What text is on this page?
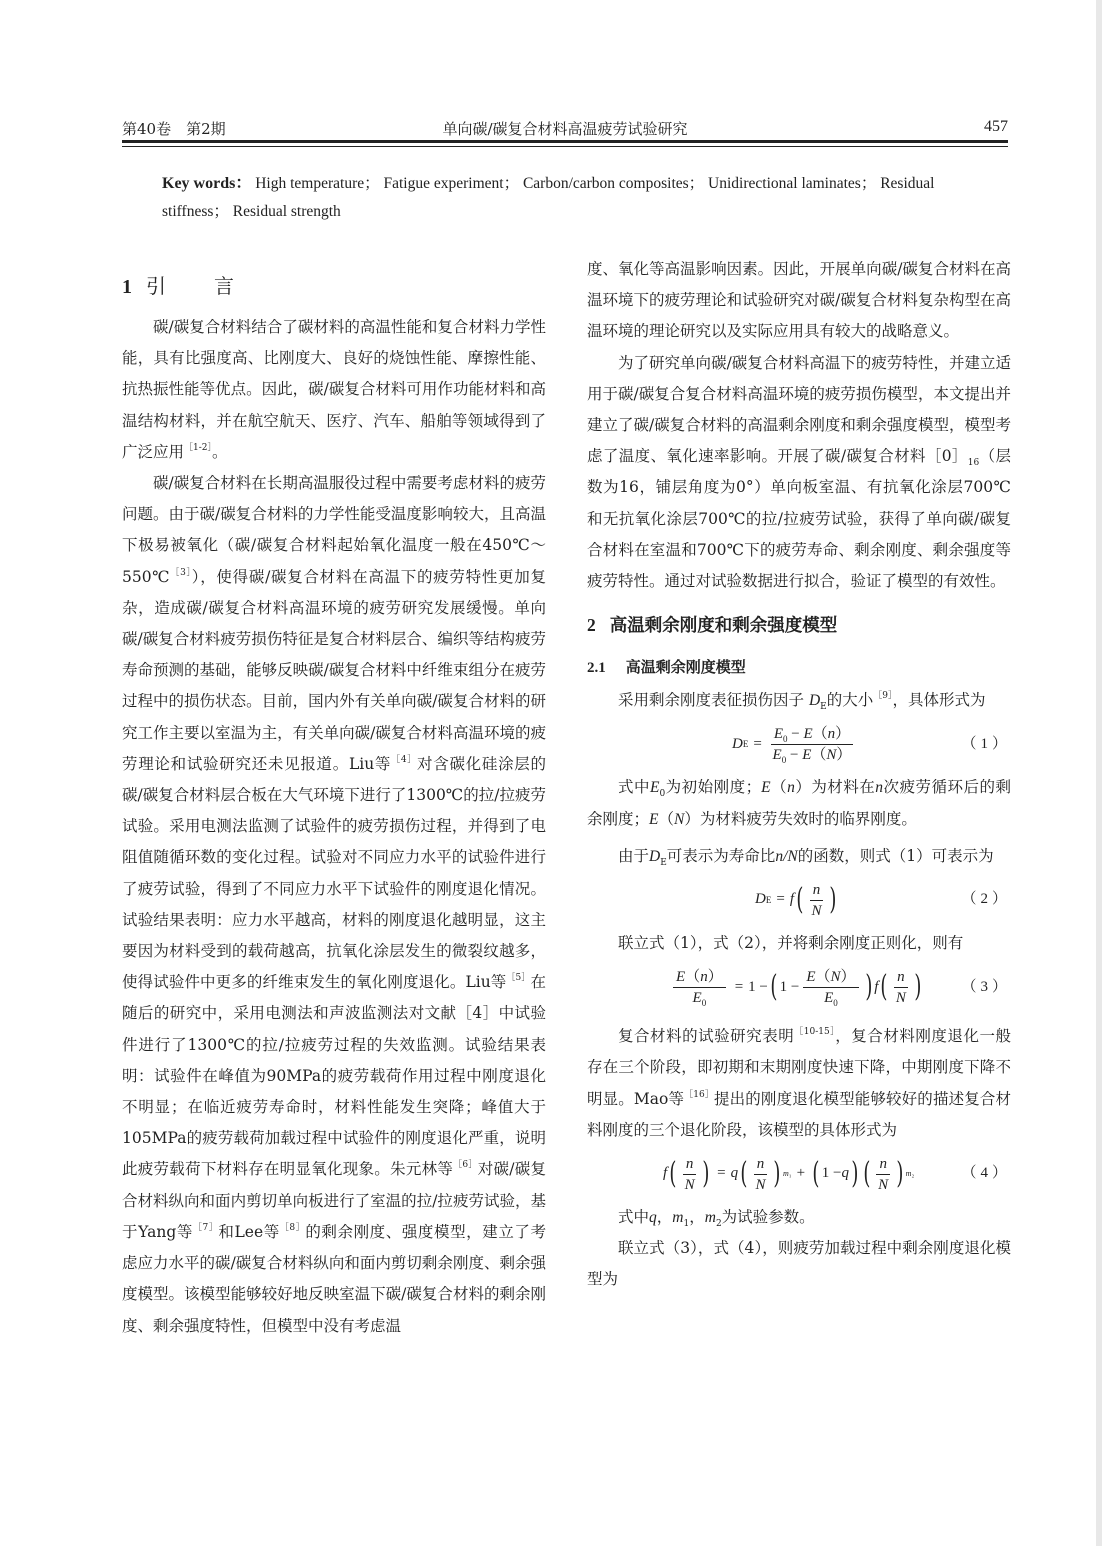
第40卷　第2期	单向碳/碳复合材料高温疲劳试验研究	457
Key words： High temperature； Fatigue experiment； Carbon/carbon composites； Unidirectional laminates； Residual stiffness； Residual strength
1 引　言

碳/碳复合材料结合了碳材料的高温性能和复合材料力学性能，具有比强度高、比刚度大、良好的烧蚀性能、摩擦性能、抗热振性能等优点。因此，碳/碳复合材料可用作功能材料和高温结构材料，并在航空航天、医疗、汽车、船舶等领域得到了广泛应用$^{[1-2]}$。

碳/碳复合材料在长期高温服役过程中需要考虑材料的疲劳问题。由于碳/碳复合材料的力学性能受温度影响较大，且高温下极易被氧化（碳/碳复合材料起始氧化温度一般在450℃～550℃$^{[3]}$），使得碳/碳复合材料在高温下的疲劳特性更加复杂，造成碳/碳复合材料高温环境的疲劳研究发展缓慢。单向碳/碳复合材料疲劳损伤特征是复合材料层合、编织等结构疲劳寿命预测的基础，能够反映碳/碳复合材料中纤维束组分在疲劳过程中的损伤状态。目前，国内外有关单向碳/碳复合材料的研究工作主要以室温为主，有关单向碳/碳复合材料高温环境的疲劳理论和试验研究还未见报道。Liu等$^{[4]}$对含碳化硅涂层的碳/碳复合材料层合板在大气环境下进行了1300℃的拉/拉疲劳试验。采用电测法监测了试验件的疲劳损伤过程，并得到了电阻值随循环数的变化过程。试验对不同应力水平的试验件进行了疲劳试验，得到了不同应力水平下试验件的刚度退化情况。试验结果表明：应力水平越高，材料的刚度退化越明显，这主要因为材料受到的载荷越高，抗氧化涂层发生的微裂纹越多，使得试验件中更多的纤维束发生的氧化刚度退化。Liu等$^{[5]}$在随后的研究中，采用电测法和声波监测法对文献［4］中试验件进行了1300℃的拉/拉疲劳过程的失效监测。试验结果表明：试验件在峰值为90MPa的疲劳载荷作用过程中刚度退化不明显；在临近疲劳寿命时，材料性能发生突降；峰值大于105MPa的疲劳载荷加载过程中试验件的刚度退化严重，说明此疲劳载荷下材料存在明显氧化现象。朱元林等$^{[6]}$对碳/碳复合材料纵向和面内剪切单向板进行了室温的拉/拉疲劳试验，基于Yang等$^{[7]}$和Lee等$^{[8]}$的剩余刚度、强度模型，建立了考虑应力水平的碳/碳复合材料纵向和面内剪切剩余刚度、剩余强度模型。该模型能够较好地反映室温下碳/碳复合材料的剩余刚度、剩余强度特性，但模型中没有考虑温

度、氧化等高温影响因素。因此，开展单向碳/碳复合材料在高温环境下的疲劳理论和试验研究对碳/碳复合材料复杂构型在高温环境的理论研究以及实际应用具有较大的战略意义。

为了研究单向碳/碳复合材料高温下的疲劳特性，并建立适用于碳/碳复合复合材料高温环境的疲劳损伤模型，本文提出并建立了碳/碳复合材料的高温剩余刚度和剩余强度模型，模型考虑了温度、氧化速率影响。开展了碳/碳复合材料$[0]_{16}$（层数为16，铺层角度为0°）单向板室温、有抗氧化涂层700℃和无抗氧化涂层700℃的拉/拉疲劳试验，获得了单向碳/碳复合材料在室温和700℃下的疲劳寿命、剩余刚度、剩余强度等疲劳特性。通过对试验数据进行拟合，验证了模型的有效性。

2 高温剩余刚度和剩余强度模型
2.1 高温剩余刚度模型

采用剩余刚度表征损伤因子 $D_E$的大小$^{[9]}$，具体形式为

D $E = \frac{E_0 - E(n)}{E_0 - E(N)}$	（1）

式中$E_0$为初始刚度；E（n）为材料在n次疲劳循环后的剩余刚度；E（N）为材料疲劳失效时的临界刚度。

由于$D_E$可表示为寿命比n/N的函数，则式（1）可表示为

D E = f ( $\frac{n}{N}$ )	（2）

联立式（1），式（2），并将剩余刚度正则化，则有

$\frac{E(n)}{E_0} = 1$ − ( $1 - \frac{E(N)}{E_0}$ ) f ( $\frac{n}{N}$ )	（3）

复合材料的试验研究表明$^{[10-15]}$，复合材料刚度退化一般存在三个阶段，即初期和末期刚度快速下降，中期刚度下降不明显。Mao等$^{[16]}$提出的刚度退化模型能够较好的描述复合材料刚度的三个退化阶段，该模型的具体形式为

f ( $\frac{n}{N}$ ) = q ( $\frac{n}{N}$ ) m₁ + ( 1 − q ) ( $\frac{n}{N}$ ) m₂	（4）

式中q，$m_1$，$m_2$为试验参数。

联立式（3），式（4），则疲劳加载过程中剩余刚度退化模型为
